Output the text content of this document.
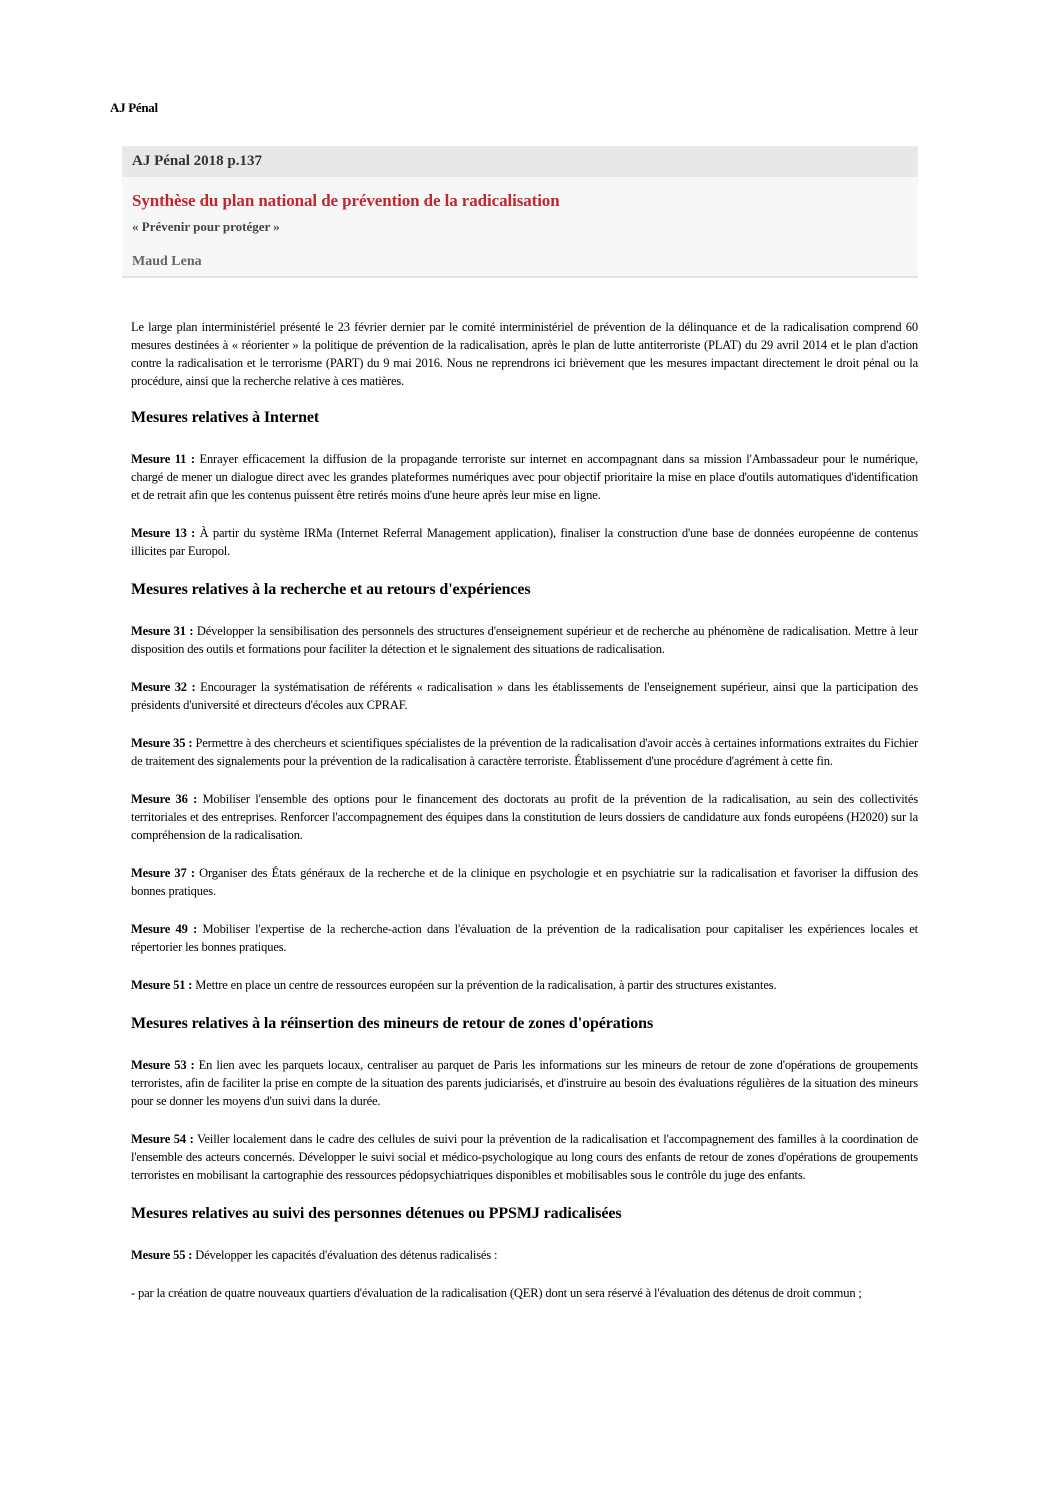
AJ Pénal
AJ Pénal 2018 p.137
Synthèse du plan national de prévention de la radicalisation
« Prévenir pour protéger »
Maud Lena

Le large plan interministériel présenté le 23 février dernier par le comité interministériel de prévention de la délinquance et de la radicalisation comprend 60 mesures destinées à « réorienter » la politique de prévention de la radicalisation, après le plan de lutte antiterroriste (PLAT) du 29 avril 2014 et le plan d'action contre la radicalisation et le terrorisme (PART) du 9 mai 2016. Nous ne reprendrons ici brièvement que les mesures impactant directement le droit pénal ou la procédure, ainsi que la recherche relative à ces matières.

Mesures relatives à Internet

Mesure 11 : Enrayer efficacement la diffusion de la propagande terroriste sur internet en accompagnant dans sa mission l'Ambassadeur pour le numérique, chargé de mener un dialogue direct avec les grandes plateformes numériques avec pour objectif prioritaire la mise en place d'outils automatiques d'identification et de retrait afin que les contenus puissent être retirés moins d'une heure après leur mise en ligne.

Mesure 13 : À partir du système IRMa (Internet Referral Management application), finaliser la construction d'une base de données européenne de contenus illicites par Europol.

Mesures relatives à la recherche et au retours d'expériences

Mesure 31 : Développer la sensibilisation des personnels des structures d'enseignement supérieur et de recherche au phénomène de radicalisation. Mettre à leur disposition des outils et formations pour faciliter la détection et le signalement des situations de radicalisation.

Mesure 32 : Encourager la systématisation de référents « radicalisation » dans les établissements de l'enseignement supérieur, ainsi que la participation des présidents d'université et directeurs d'écoles aux CPRAF.

Mesure 35 : Permettre à des chercheurs et scientifiques spécialistes de la prévention de la radicalisation d'avoir accès à certaines informations extraites du Fichier de traitement des signalements pour la prévention de la radicalisation à caractère terroriste. Établissement d'une procédure d'agrément à cette fin.

Mesure 36 : Mobiliser l'ensemble des options pour le financement des doctorats au profit de la prévention de la radicalisation, au sein des collectivités territoriales et des entreprises. Renforcer l'accompagnement des équipes dans la constitution de leurs dossiers de candidature aux fonds européens (H2020) sur la compréhension de la radicalisation.

Mesure 37 : Organiser des États généraux de la recherche et de la clinique en psychologie et en psychiatrie sur la radicalisation et favoriser la diffusion des bonnes pratiques.

Mesure 49 : Mobiliser l'expertise de la recherche-action dans l'évaluation de la prévention de la radicalisation pour capitaliser les expériences locales et répertorier les bonnes pratiques.

Mesure 51 : Mettre en place un centre de ressources européen sur la prévention de la radicalisation, à partir des structures existantes.

Mesures relatives à la réinsertion des mineurs de retour de zones d'opérations

Mesure 53 : En lien avec les parquets locaux, centraliser au parquet de Paris les informations sur les mineurs de retour de zone d'opérations de groupements terroristes, afin de faciliter la prise en compte de la situation des parents judiciarisés, et d'instruire au besoin des évaluations régulières de la situation des mineurs pour se donner les moyens d'un suivi dans la durée.

Mesure 54 : Veiller localement dans le cadre des cellules de suivi pour la prévention de la radicalisation et l'accompagnement des familles à la coordination de l'ensemble des acteurs concernés. Développer le suivi social et médico-psychologique au long cours des enfants de retour de zones d'opérations de groupements terroristes en mobilisant la cartographie des ressources pédopsychiatriques disponibles et mobilisables sous le contrôle du juge des enfants.

Mesures relatives au suivi des personnes détenues ou PPSMJ radicalisées

Mesure 55 : Développer les capacités d'évaluation des détenus radicalisés :

- par la création de quatre nouveaux quartiers d'évaluation de la radicalisation (QER) dont un sera réservé à l'évaluation des détenus de droit commun ;
